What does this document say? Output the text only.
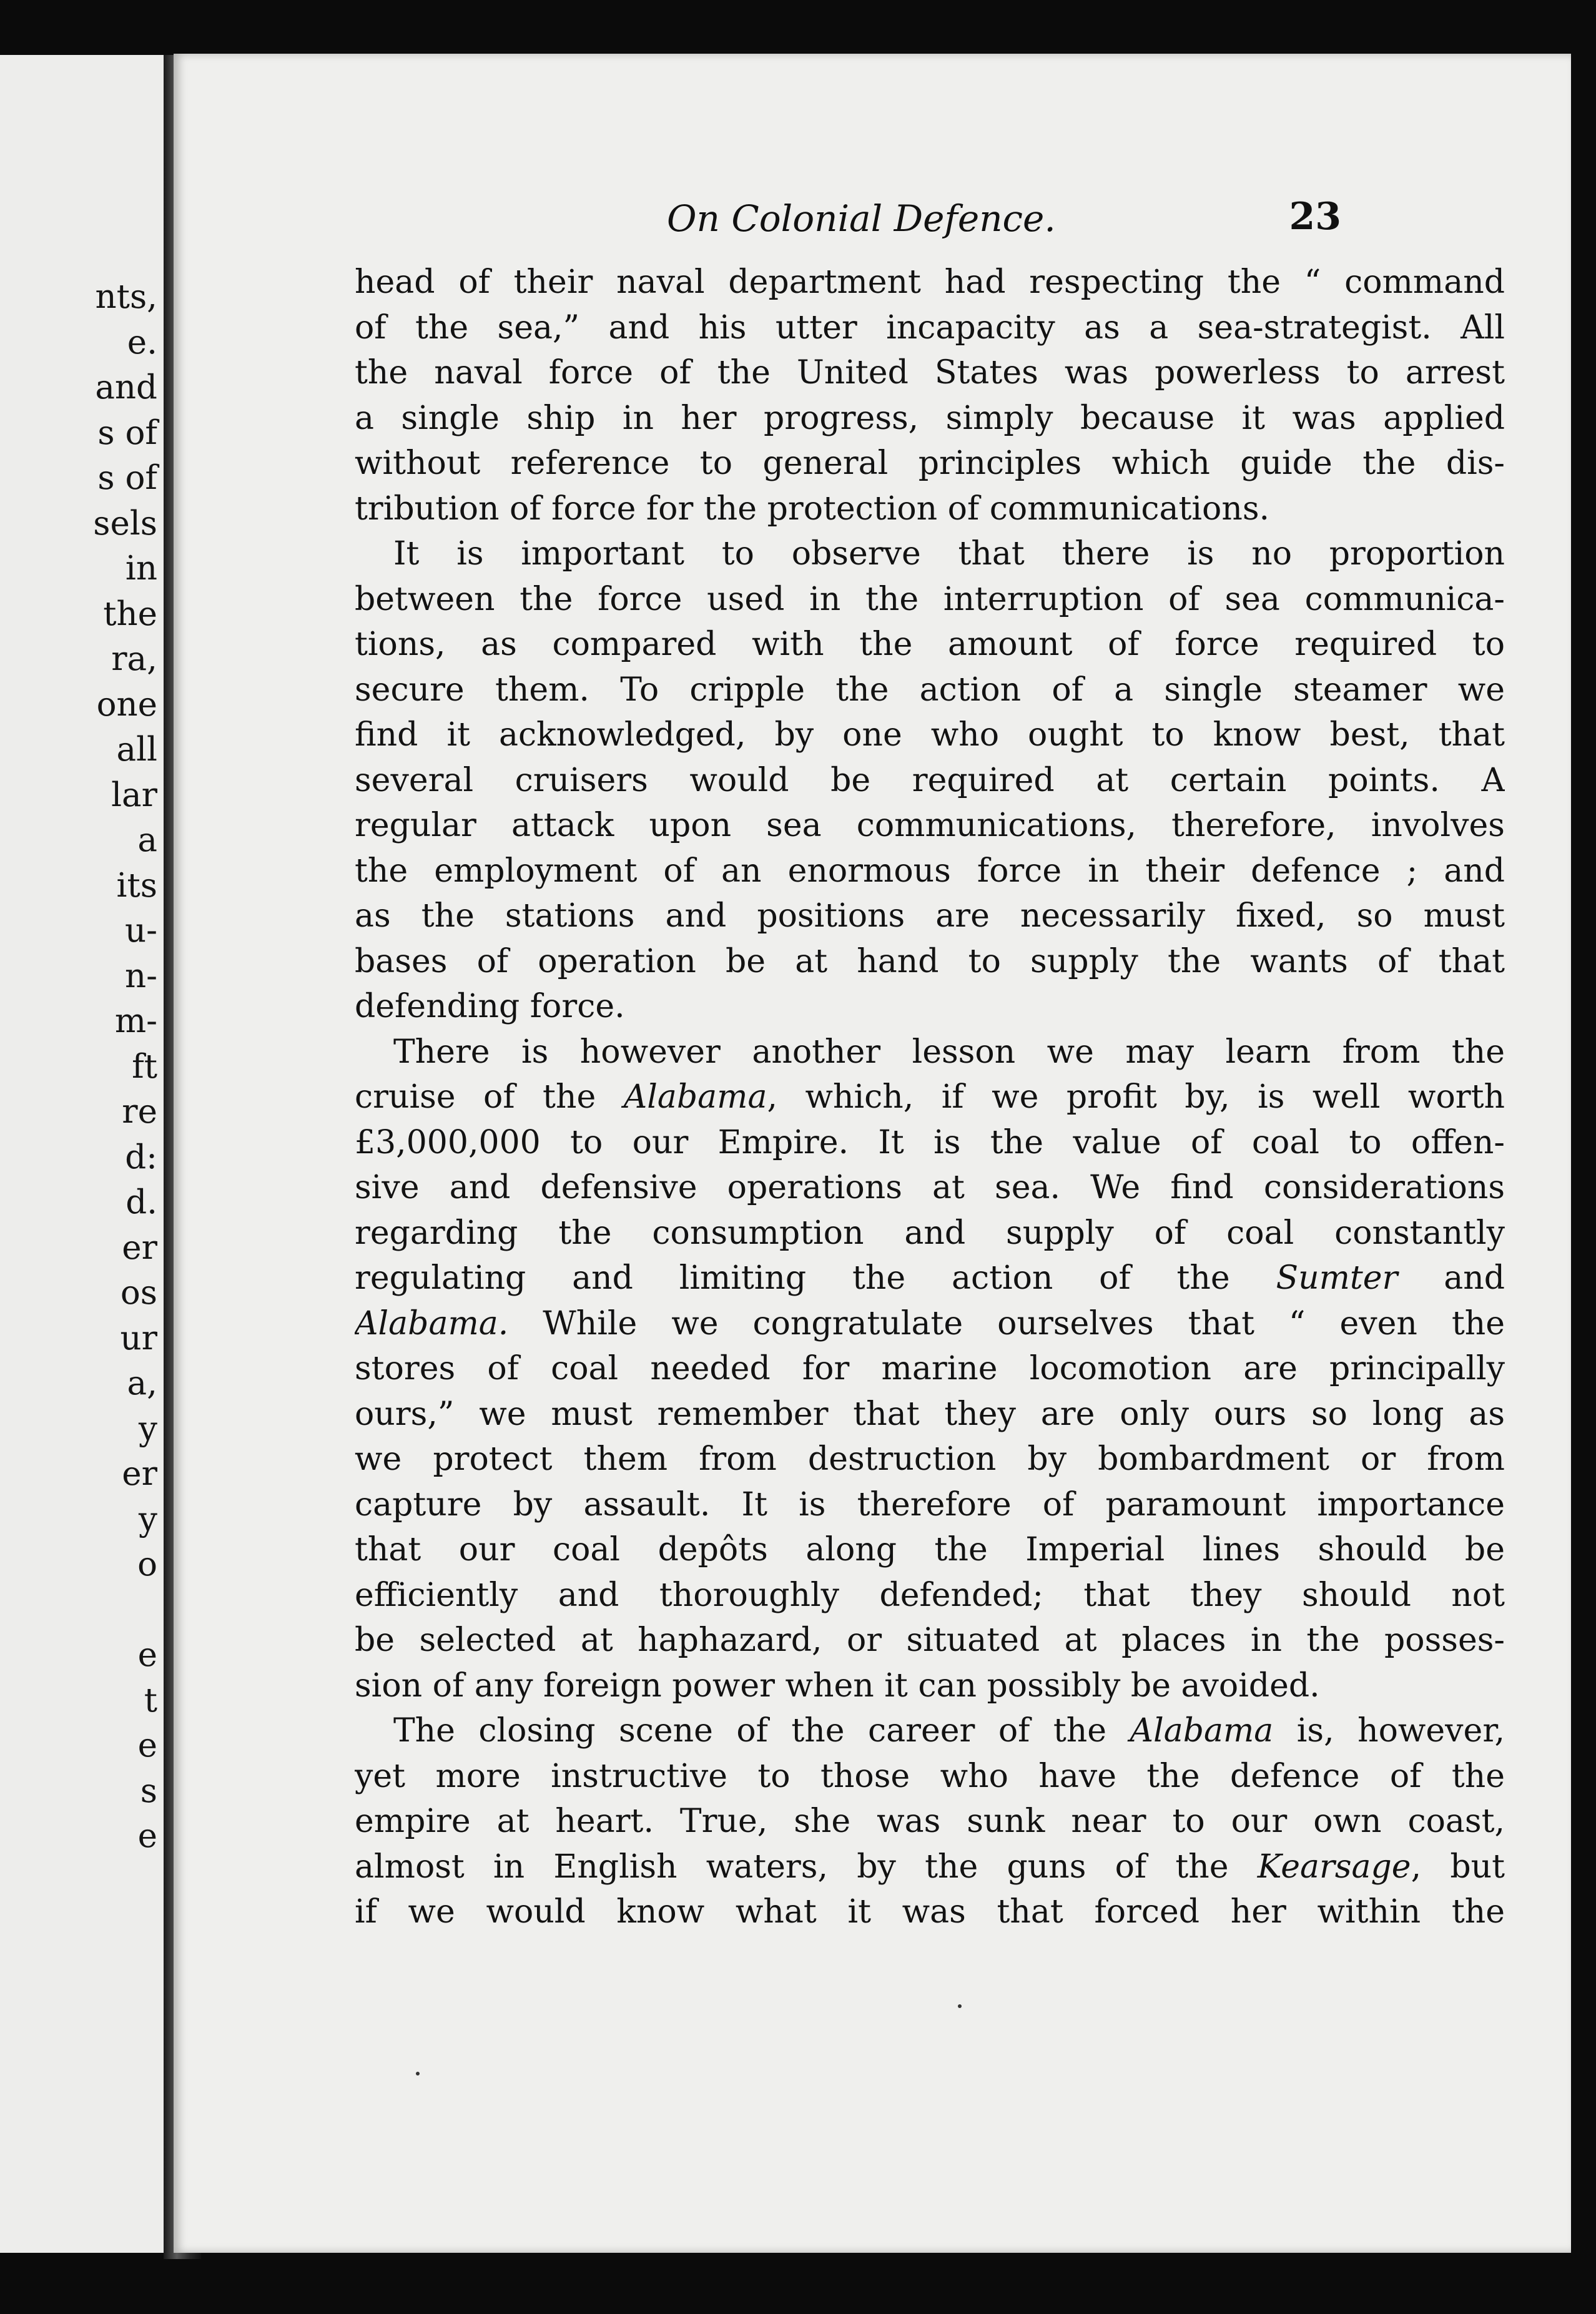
nts,
e.
and
s of
s of
sels
in
the
ra,
one
all
lar
a
its
u-
n-
m-
ft
re
d:
d.
er
os
ur
a,
y
er
y
o

e
t
e
s
e
On Colonial Defence.	23
head of their naval department had respecting the “ command
of the sea,” and his utter incapacity as a sea-strategist. All
the naval force of the United States was powerless to arrest
a single ship in her progress, simply because it was applied
without reference to general principles which guide the dis-
tribution of force for the protection of communications.
It is important to observe that there is no proportion
between the force used in the interruption of sea communica-
tions, as compared with the amount of force required to
secure them. To cripple the action of a single steamer we
find it acknowledged, by one who ought to know best, that
several cruisers would be required at certain points. A
regular attack upon sea communications, therefore, involves
the employment of an enormous force in their defence ; and
as the stations and positions are necessarily fixed, so must
bases of operation be at hand to supply the wants of that
defending force.
There is however another lesson we may learn from the
cruise of the Alabama, which, if we profit by, is well worth
£3,000,000 to our Empire. It is the value of coal to offen-
sive and defensive operations at sea. We find considerations
regarding the consumption and supply of coal constantly
regulating and limiting the action of the Sumter and
Alabama. While we congratulate ourselves that “ even the
stores of coal needed for marine locomotion are principally
ours,” we must remember that they are only ours so long as
we protect them from destruction by bombardment or from
capture by assault. It is therefore of paramount importance
that our coal depôts along the Imperial lines should be
efficiently and thoroughly defended; that they should not
be selected at haphazard, or situated at places in the posses-
sion of any foreign power when it can possibly be avoided.
The closing scene of the career of the Alabama is, however,
yet more instructive to those who have the defence of the
empire at heart. True, she was sunk near to our own coast,
almost in English waters, by the guns of the Kearsage, but
if we would know what it was that forced her within the
